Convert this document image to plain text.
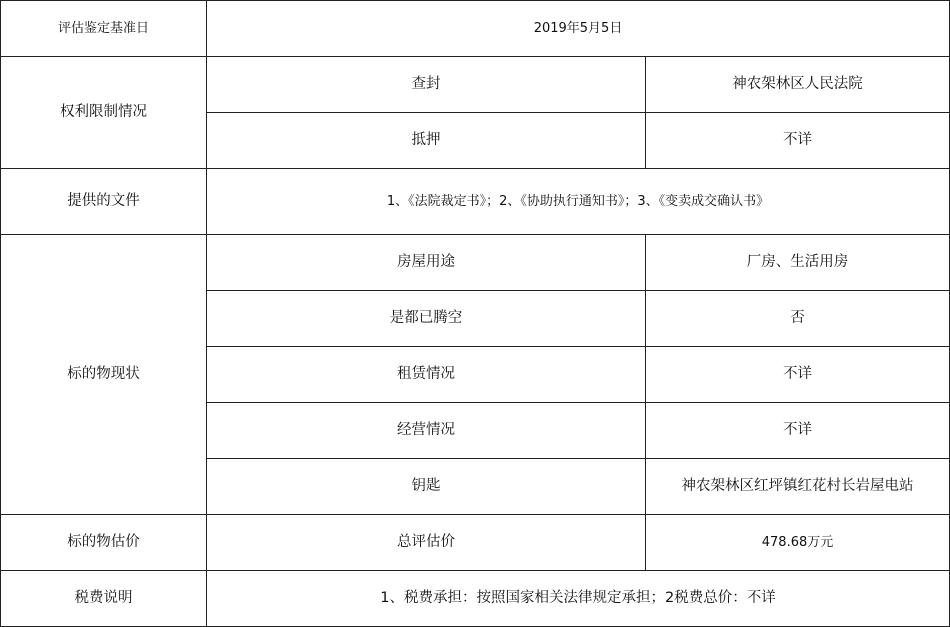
评估鉴定基准日	2019年5月5日	
权利限制情况	查封	神农架林区人民法院
	抵押	不详
提供的文件	1、《法院裁定书》；2、《协助执行通知书》；3、《变卖成交确认书》	
标的物现状	房屋用途	厂房、生活用房
	是都已腾空	否
	租赁情况	不详
	经营情况	不详
	钥匙	神农架林区红坪镇红花村长岩屋电站
标的物估价	总评估价	478.68万元
税费说明	1、税费承担：按照国家相关法律规定承担；2税费总价：不详	
